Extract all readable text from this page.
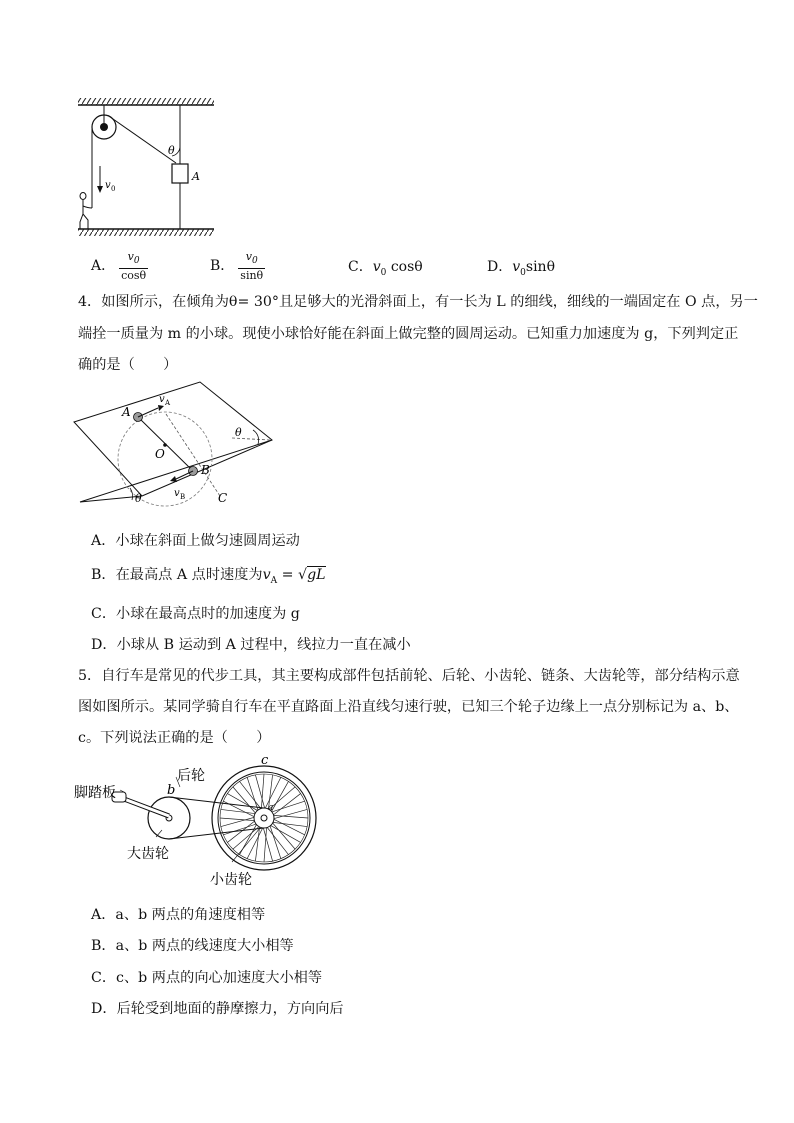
θ
A
v 0
A． $\frac{v_0}{\cos\theta}$	B． $\frac{v_0}{\sin\theta}$	C．$v_0$ cosθ	D．$v_0\sin\theta$
4．如图所示，在倾角为θ= 30°且足够大的光滑斜面上，有一长为 L 的细线，细线的一端固定在 O 点，另一
端拴一质量为 m 的小球。现使小球恰好能在斜面上做完整的圆周运动。已知重力加速度为 g，下列判定正
确的是（　　）
v A
v B
A
B
O
C
θ
θ
A．小球在斜面上做匀速圆周运动
B．在最高点 A 点时速度为$v_A = √gL$
C．小球在最高点时的加速度为 g
D．小球从 B 运动到 A 过程中，线拉力一直在减小
5．自行车是常见的代步工具，其主要构成部件包括前轮、后轮、小齿轮、链条、大齿轮等，部分结构示意
图如图所示。某同学骑自行车在平直路面上沿直线匀速行驶，已知三个轮子边缘上一点分别标记为 a、b、
c。下列说法正确的是（　　）
后轮
脚踏板
大齿轮
小齿轮
b
c
a
A．a、b 两点的角速度相等
B．a、b 两点的线速度大小相等
C．c、b 两点的向心加速度大小相等
D．后轮受到地面的静摩擦力，方向向后
